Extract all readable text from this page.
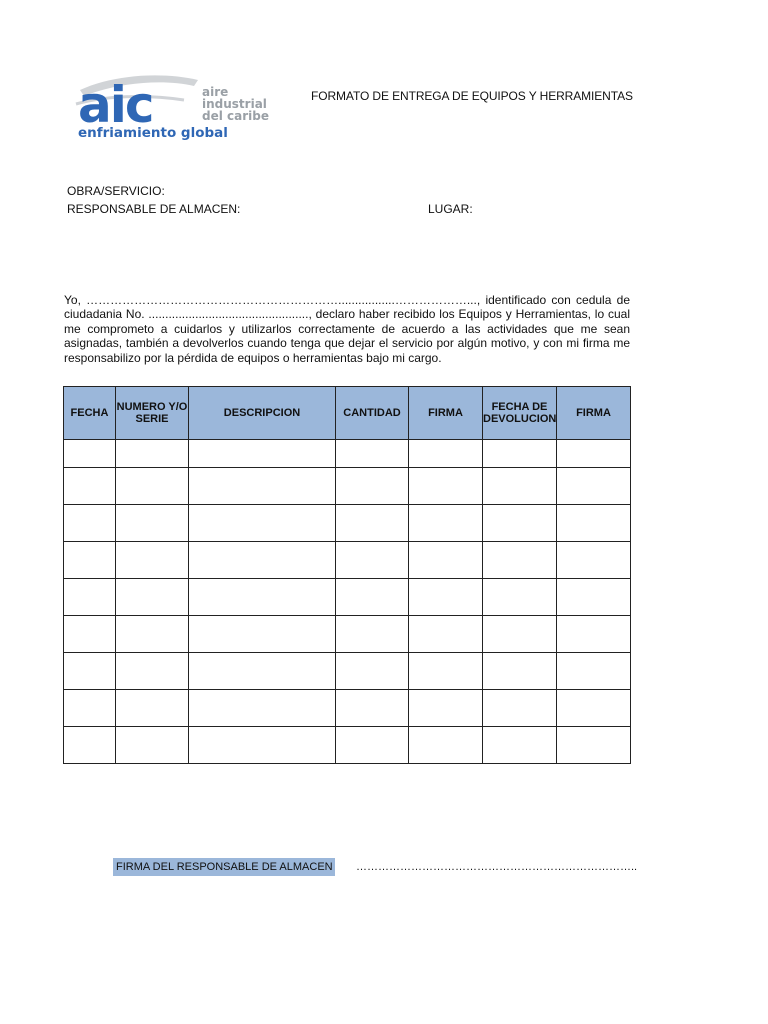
aic	aire
industrial
del caribe
enfriamiento global
FORMATO DE ENTREGA DE EQUIPOS Y HERRAMIENTAS
OBRA/SERVICIO:
RESPONSABLE DE ALMACEN:	LUGAR:
Yo, ……………………………………………………….................………………..., identificado con cedula de ciudadania No. ................................................, declaro haber recibido los Equipos y Herramientas, lo cual me comprometo a cuidarlos y utilizarlos correctamente de acuerdo a las actividades que me sean asignadas, también a devolverlos cuando tenga que dejar el servicio por algún motivo, y con mi firma me responsabilizo por la pérdida de equipos o herramientas bajo mi cargo.
FECHA	NUMERO Y/O SERIE	DESCRIPCION	CANTIDAD	FIRMA	FECHA DE DEVOLUCION	FIRMA

FIRMA DEL RESPONSABLE DE ALMACEN …………………………………………………………………..
